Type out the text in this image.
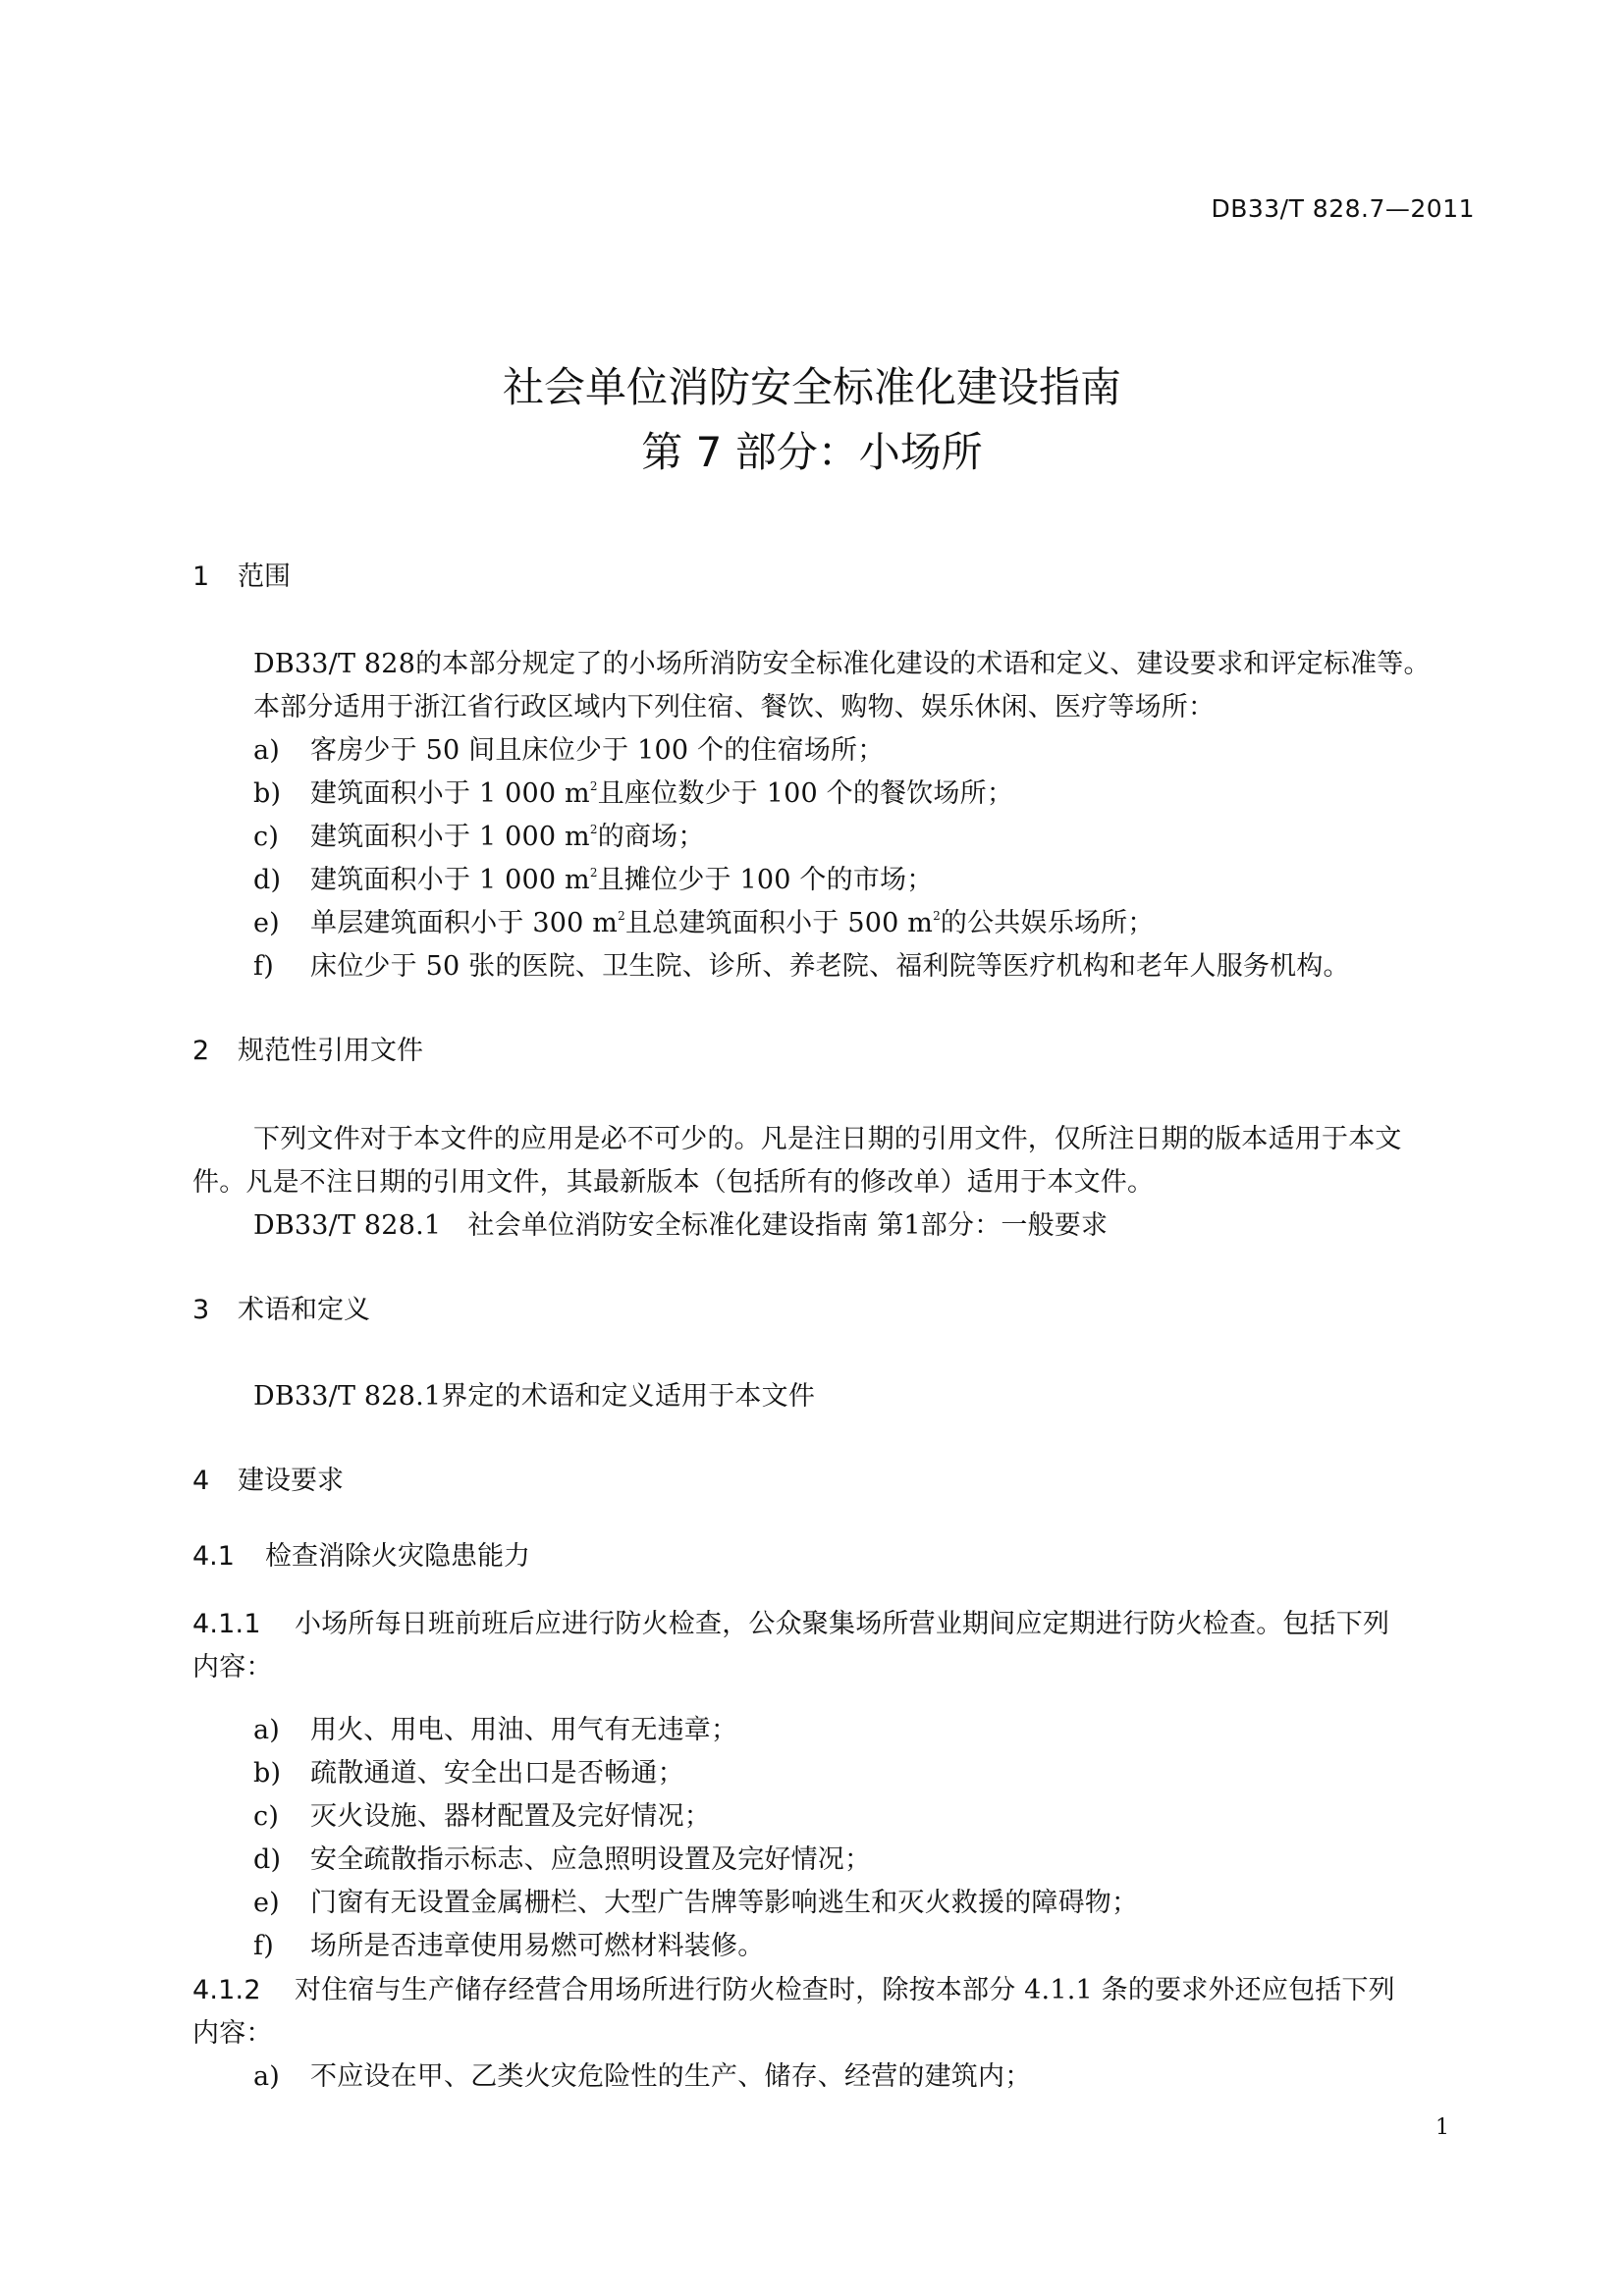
DB33/T 828.7—2011
社会单位消防安全标准化建设指南
第 7 部分：小场所
1 范围
DB33/T 828的本部分规定了的小场所消防安全标准化建设的术语和定义、建设要求和评定标准等。
本部分适用于浙江省行政区域内下列住宿、餐饮、购物、娱乐休闲、医疗等场所：
a) 客房少于 50 间且床位少于 100 个的住宿场所；
b) 建筑面积小于 1 000 $m^2$且座位数少于 100 个的餐饮场所；
c) 建筑面积小于 1 000 $m^2$的商场；
d) 建筑面积小于 1 000 $m^2$且摊位少于 100 个的市场；
e) 单层建筑面积小于 300 $m^2$且总建筑面积小于 500 $m^2$的公共娱乐场所；
f) 床位少于 50 张的医院、卫生院、诊所、养老院、福利院等医疗机构和老年人服务机构。
2 规范性引用文件
下列文件对于本文件的应用是必不可少的。凡是注日期的引用文件，仅所注日期的版本适用于本文
件。凡是不注日期的引用文件，其最新版本（包括所有的修改单）适用于本文件。
DB33/T 828.1　社会单位消防安全标准化建设指南 第1部分：一般要求
3 术语和定义
DB33/T 828.1界定的术语和定义适用于本文件
4 建设要求
4.1 检查消除火灾隐患能力
4.1.1 小场所每日班前班后应进行防火检查，公众聚集场所营业期间应定期进行防火检查。包括下列
内容：
a) 用火、用电、用油、用气有无违章；
b) 疏散通道、安全出口是否畅通；
c) 灭火设施、器材配置及完好情况；
d) 安全疏散指示标志、应急照明设置及完好情况；
e) 门窗有无设置金属栅栏、大型广告牌等影响逃生和灭火救援的障碍物；
f) 场所是否违章使用易燃可燃材料装修。
4.1.2 对住宿与生产储存经营合用场所进行防火检查时，除按本部分 4.1.1 条的要求外还应包括下列
内容：
a) 不应设在甲、乙类火灾危险性的生产、储存、经营的建筑内；
1
